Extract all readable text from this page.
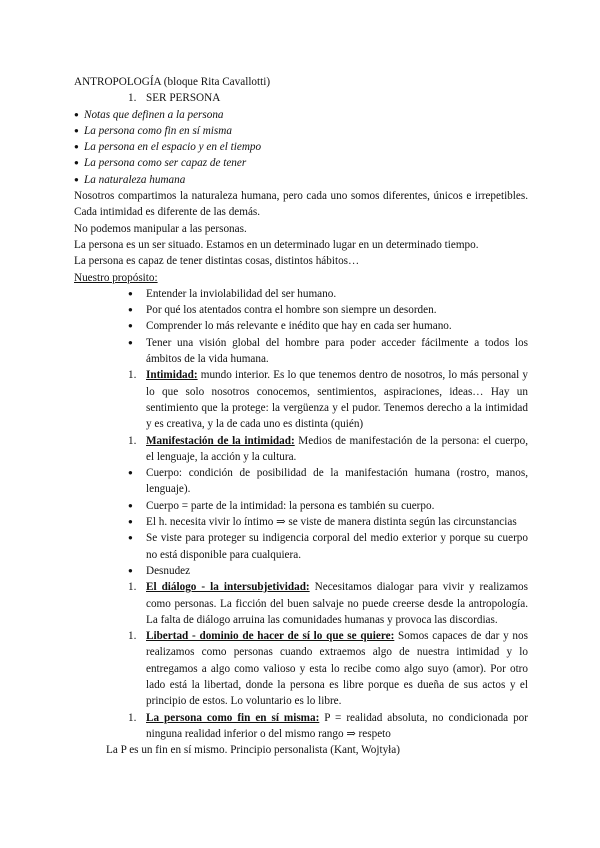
ANTROPOLOGÍA (bloque Rita Cavallotti)

1. SER PERSONA

● Notas que definen a la persona
● La persona como fin en sí misma
● La persona en el espacio y en el tiempo
● La persona como ser capaz de tener
● La naturaleza humana

Nosotros compartimos la naturaleza humana, pero cada uno somos diferentes, únicos e irrepetibles. Cada intimidad es diferente de las demás.

No podemos manipular a las personas.

La persona es un ser situado. Estamos en un determinado lugar en un determinado tiempo.

La persona es capaz de tener distintas cosas, distintos hábitos…

Nuestro propósito:

● Entender la inviolabilidad del ser humano.
● Por qué los atentados contra el hombre son siempre un desorden.
● Comprender lo más relevante e inédito que hay en cada ser humano.
● Tener una visión global del hombre para poder acceder fácilmente a todos los ámbitos de la vida humana.
1. Intimidad: mundo interior. Es lo que tenemos dentro de nosotros, lo más personal y lo que solo nosotros conocemos, sentimientos, aspiraciones, ideas… Hay un sentimiento que la protege: la vergüenza y el pudor. Tenemos derecho a la intimidad y es creativa, y la de cada uno es distinta (quién)
1. Manifestación de la intimidad: Medios de manifestación de la persona: el cuerpo, el lenguaje, la acción y la cultura.
● Cuerpo: condición de posibilidad de la manifestación humana (rostro, manos, lenguaje).
● Cuerpo = parte de la intimidad: la persona es también su cuerpo.
● El h. necesita vivir lo íntimo ⇒ se viste de manera distinta según las circunstancias
● Se viste para proteger su indigencia corporal del medio exterior y porque su cuerpo no está disponible para cualquiera.
● Desnudez
1. El diálogo - la intersubjetividad: Necesitamos dialogar para vivir y realizamos como personas. La ficción del buen salvaje no puede creerse desde la antropología. La falta de diálogo arruina las comunidades humanas y provoca las discordias.
1. Libertad - dominio de hacer de sí lo que se quiere: Somos capaces de dar y nos realizamos como personas cuando extraemos algo de nuestra intimidad y lo entregamos a algo como valioso y esta lo recibe como algo suyo (amor). Por otro lado está la libertad, donde la persona es libre porque es dueña de sus actos y el principio de estos. Lo voluntario es lo libre.
1. La persona como fin en sí misma: P = realidad absoluta, no condicionada por ninguna realidad inferior o del mismo rango ⇒ respeto

La P es un fin en sí mismo. Principio personalista (Kant, Wojtyła)
